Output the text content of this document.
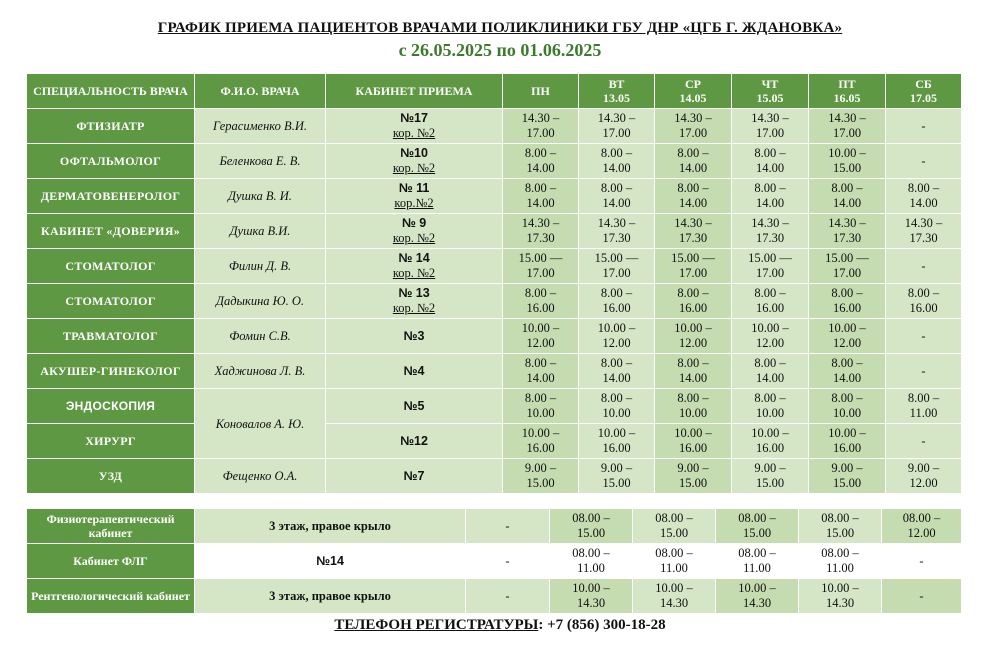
ГРАФИК ПРИЕМА ПАЦИЕНТОВ ВРАЧАМИ ПОЛИКЛИНИКИ ГБУ ДНР «ЦГБ Г. ЖДАНОВКА»
с 26.05.2025 по 01.06.2025
СПЕЦИАЛЬНОСТЬ ВРАЧА	Ф.И.О. ВРАЧА	КАБИНЕТ ПРИЕМА	ПН	ВТ
13.05	СР
14.05	ЧТ
15.05	ПТ
16.05	СБ
17.05
ФТИЗИАТР	Герасименко В.И.	№17
кор. №2	14.30 –
17.00	14.30 –
17.00	14.30 –
17.00	14.30 –
17.00	14.30 –
17.00	-

ОФТАЛЬМОЛОГ	Беленкова Е. В.	№10
кор. №2	8.00 –
14.00	8.00 –
14.00	8.00 –
14.00	8.00 –
14.00	10.00 –
15.00	-

ДЕРМАТОВЕНЕРОЛОГ	Душка В. И.	№ 11
кор.№2	8.00 –
14.00	8.00 –
14.00	8.00 –
14.00	8.00 –
14.00	8.00 –
14.00	8.00 –
14.00
КАБИНЕТ «ДОВЕРИЯ»	Душка В.И.	№ 9
кор. №2	14.30 –
17.30	14.30 –
17.30	14.30 –
17.30	14.30 –
17.30	14.30 –
17.30	14.30 –
17.30
СТОМАТОЛОГ	Филин Д. В.	№ 14
кор. №2	15.00 —
17.00	15.00 —
17.00	15.00 —
17.00	15.00 —
17.00	15.00 —
17.00	-

СТОМАТОЛОГ	Дадыкина Ю. О.	№ 13
кор. №2	8.00 –
16.00	8.00 –
16.00	8.00 –
16.00	8.00 –
16.00	8.00 –
16.00	8.00 –
16.00
ТРАВМАТОЛОГ	Фомин С.В.	№3	10.00 –
12.00	10.00 –
12.00	10.00 –
12.00	10.00 –
12.00	10.00 –
12.00	-

АКУШЕР-ГИНЕКОЛОГ	Хаджинова Л. В.	№4	8.00 –
14.00	8.00 –
14.00	8.00 –
14.00	8.00 –
14.00	8.00 –
14.00	-

ЭНДОСКОПИЯ	Коновалов А. Ю.	№5	8.00 –
10.00	8.00 –
10.00	8.00 –
10.00	8.00 –
10.00	8.00 –
10.00	8.00 –
11.00
ХИРУРГ		№12	10.00 –
16.00	10.00 –
16.00	10.00 –
16.00	10.00 –
16.00	10.00 –
16.00	-

УЗД	Фещенко О.А.	№7	9.00 –
15.00	9.00 –
15.00	9.00 –
15.00	9.00 –
15.00	9.00 –
15.00	9.00 –
12.00
Физиотерапевтический кабинет	3 этаж, правое крыло	-	08.00 –
15.00	08.00 –
15.00	08.00 –
15.00	08.00 –
15.00	08.00 –
12.00
Кабинет ФЛГ	№14	-	08.00 –
11.00	08.00 –
11.00	08.00 –
11.00	08.00 –
11.00	-

Рентгенологический кабинет	3 этаж, правое крыло	-	10.00 –
14.30	10.00 –
14.30	10.00 –
14.30	10.00 –
14.30	-

ТЕЛЕФОН РЕГИСТРАТУРЫ: +7 (856) 300-18-28
